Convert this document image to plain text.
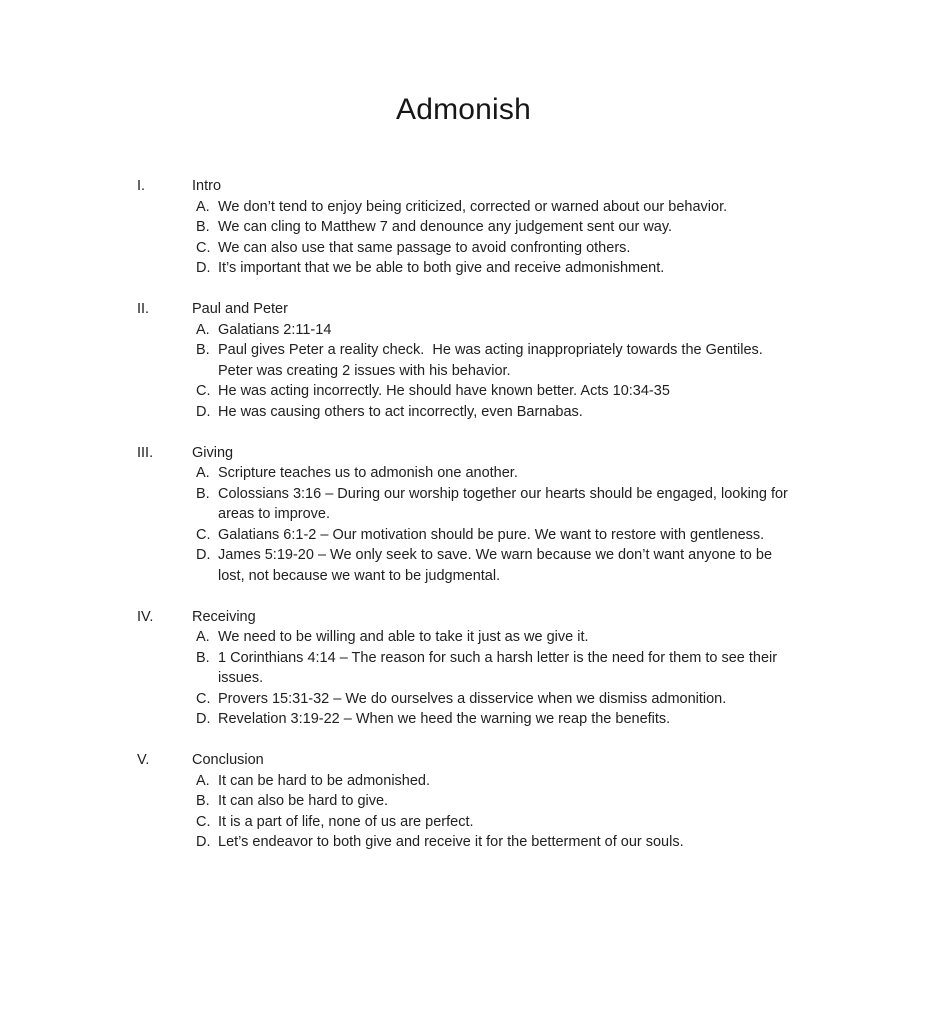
Admonish
I.	Intro
A. We don’t tend to enjoy being criticized, corrected or warned about our behavior.
B. We can cling to Matthew 7 and denounce any judgement sent our way.
C. We can also use that same passage to avoid confronting others.
D. It’s important that we be able to both give and receive admonishment.
II.	Paul and Peter
A. Galatians 2:11-14
B. Paul gives Peter a reality check.  He was acting inappropriately towards the Gentiles.
Peter was creating 2 issues with his behavior.
C. He was acting incorrectly. He should have known better. Acts 10:34-35
D. He was causing others to act incorrectly, even Barnabas.
III.	Giving
A. Scripture teaches us to admonish one another.
B. Colossians 3:16 – During our worship together our hearts should be engaged, looking for
areas to improve.
C. Galatians 6:1-2 – Our motivation should be pure. We want to restore with gentleness.
D. James 5:19-20 – We only seek to save. We warn because we don’t want anyone to be
lost, not because we want to be judgmental.
IV.	Receiving
A. We need to be willing and able to take it just as we give it.
B. 1 Corinthians 4:14 – The reason for such a harsh letter is the need for them to see their
issues.
C. Provers 15:31-32 – We do ourselves a disservice when we dismiss admonition.
D. Revelation 3:19-22 – When we heed the warning we reap the benefits.
V.	Conclusion
A. It can be hard to be admonished.
B. It can also be hard to give.
C. It is a part of life, none of us are perfect.
D. Let’s endeavor to both give and receive it for the betterment of our souls.
